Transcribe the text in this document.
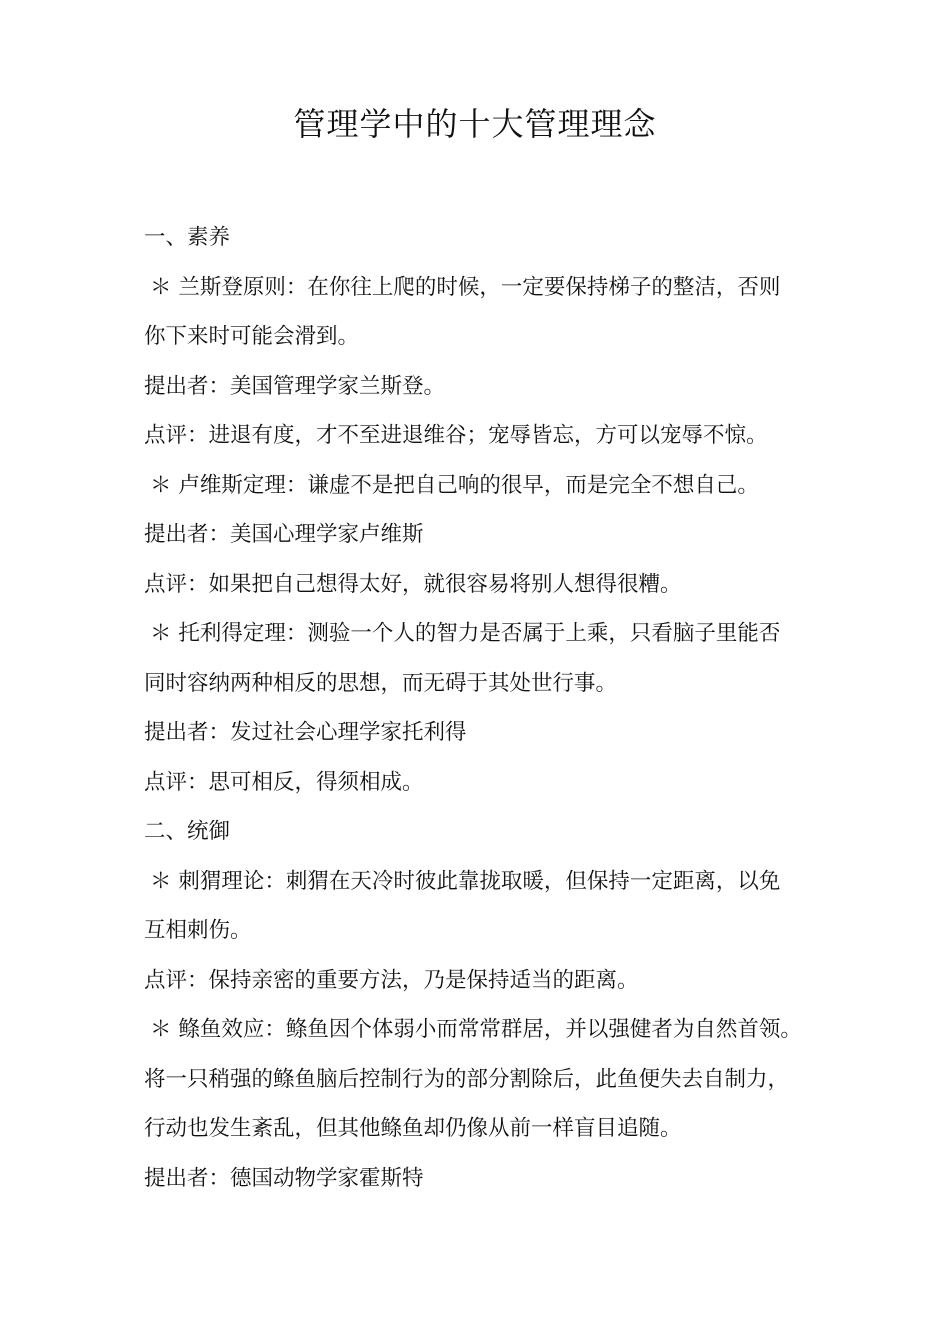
管理学中的十大管理理念
一、素养
＊ 兰斯登原则：在你往上爬的时候，一定要保持梯子的整洁，否则
你下来时可能会滑到。
提出者：美国管理学家兰斯登。
点评：进退有度，才不至进退维谷；宠辱皆忘，方可以宠辱不惊。
＊ 卢维斯定理：谦虚不是把自己响的很早，而是完全不想自己。
提出者：美国心理学家卢维斯
点评：如果把自己想得太好，就很容易将别人想得很糟。
＊ 托利得定理：测验一个人的智力是否属于上乘，只看脑子里能否
同时容纳两种相反的思想，而无碍于其处世行事。
提出者：发过社会心理学家托利得
点评：思可相反，得须相成。
二、统御
＊ 刺猬理论：刺猬在天冷时彼此靠拢取暖，但保持一定距离，以免
互相刺伤。
点评：保持亲密的重要方法，乃是保持适当的距离。
＊ 鲦鱼效应：鲦鱼因个体弱小而常常群居，并以强健者为自然首领。
将一只稍强的鲦鱼脑后控制行为的部分割除后，此鱼便失去自制力，
行动也发生紊乱，但其他鲦鱼却仍像从前一样盲目追随。
提出者：德国动物学家霍斯特
